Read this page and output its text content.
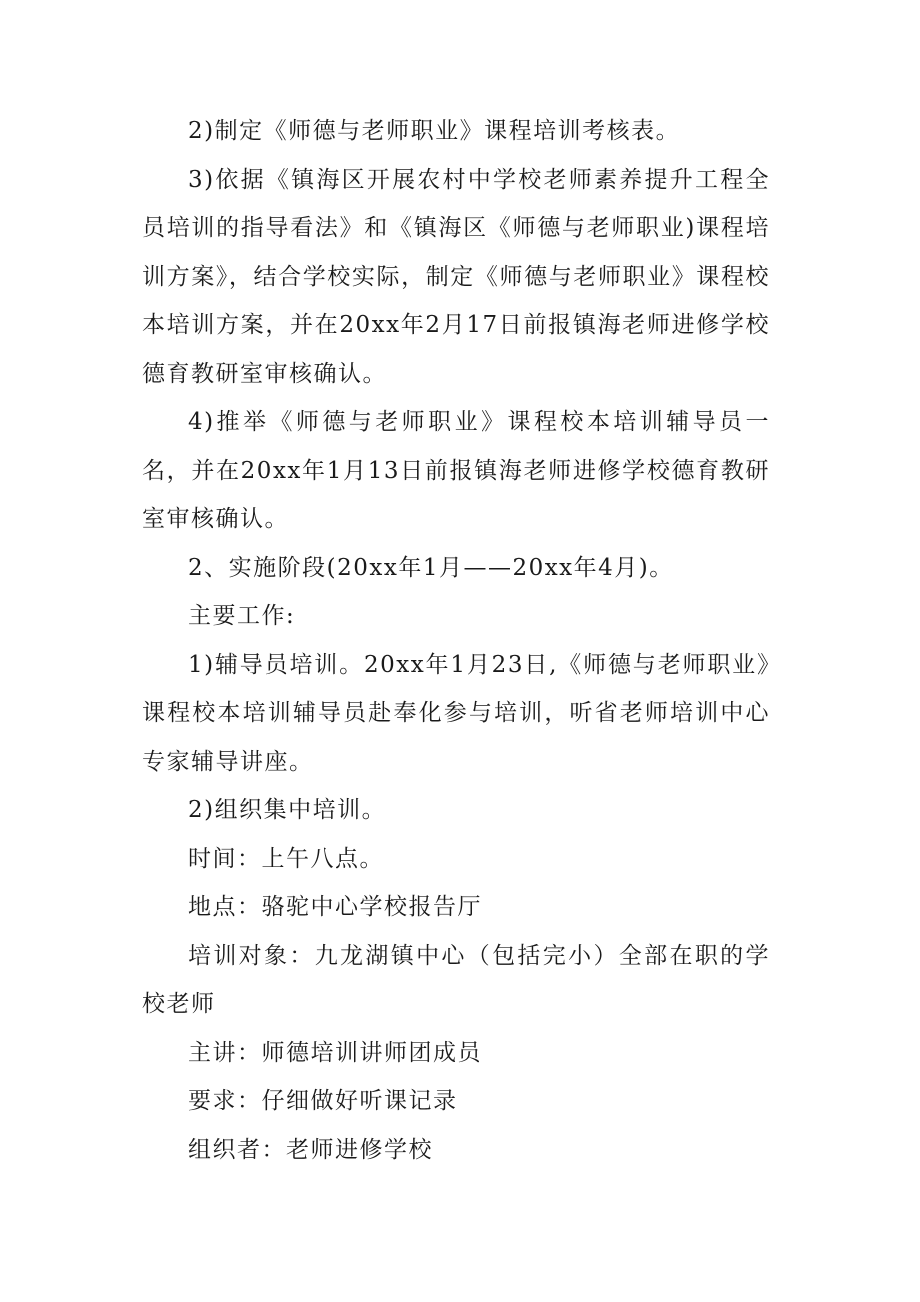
2)制定《师德与老师职业》课程培训考核表。

3)依据《镇海区开展农村中学校老师素养提升工程全员培训的指导看法》和《镇海区《师德与老师职业)课程培训方案》，结合学校实际，制定《师德与老师职业》课程校本培训方案，并在20xx年2月17日前报镇海老师进修学校德育教研室审核确认。

4)推举《师德与老师职业》课程校本培训辅导员一名，并在20xx年1月13日前报镇海老师进修学校德育教研室审核确认。

2、实施阶段(20xx年1月——20xx年4月)。

主要工作:

1)辅导员培训。20xx年1月23日,《师德与老师职业》课程校本培训辅导员赴奉化参与培训，听省老师培训中心专家辅导讲座。

2)组织集中培训。

时间：上午八点。

地点：骆驼中心学校报告厅

培训对象：九龙湖镇中心（包括完小）全部在职的学校老师

主讲：师德培训讲师团成员

要求：仔细做好听课记录

组织者：老师进修学校
